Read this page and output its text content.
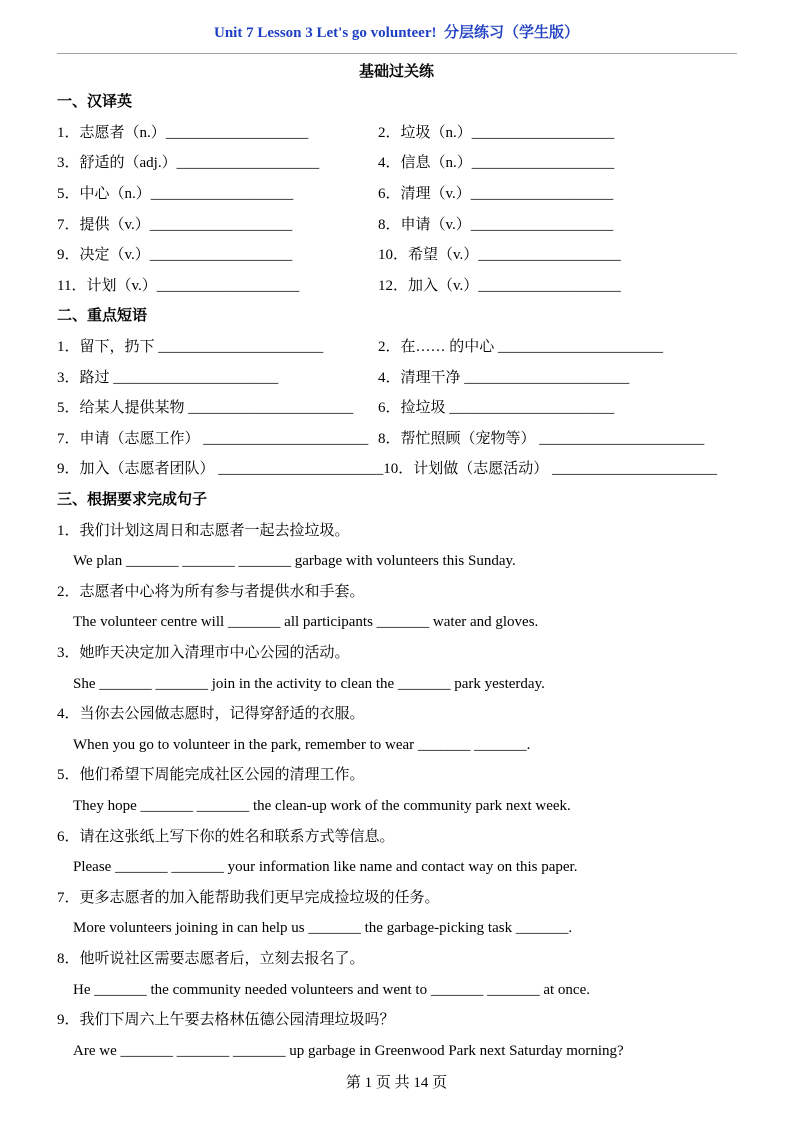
Unit 7 Lesson 3 Let's go volunteer!  分层练习（学生版）
基础过关练
一、汉译英
1．志愿者（n.）___________________	2．垃圾（n.）___________________
3．舒适的（adj.）___________________	4．信息（n.）___________________
5．中心（n.）___________________	6．清理（v.）___________________
7．提供（v.）___________________	8．申请（v.）___________________
9．决定（v.）___________________	10．希望（v.）___________________
11．计划（v.）___________________	12．加入（v.）___________________
二、重点短语
1．留下，扔下 ______________________	2．在…… 的中心 ______________________
3．路过 ______________________	4．清理干净 ______________________
5．给某人提供某物 ______________________	6．捡垃圾 ______________________
7．申请（志愿工作） ______________________ 8．帮忙照顾（宠物等） ______________________
9．加入（志愿者团队） ______________________ 10．计划做（志愿活动） ______________________
三、根据要求完成句子
1．我们计划这周日和志愿者一起去捡垃圾。
We plan _______ _______ _______ garbage with volunteers this Sunday.
2．志愿者中心将为所有参与者提供水和手套。
The volunteer centre will _______ all participants _______ water and gloves.
3．她昨天决定加入清理市中心公园的活动。
She _______ _______ join in the activity to clean the _______ park yesterday.
4．当你去公园做志愿时，记得穿舒适的衣服。
When you go to volunteer in the park, remember to wear _______ _______.
5．他们希望下周能完成社区公园的清理工作。
They hope _______ _______ the clean-up work of the community park next week.
6．请在这张纸上写下你的姓名和联系方式等信息。
Please _______ _______ your information like name and contact way on this paper.
7．更多志愿者的加入能帮助我们更早完成捡垃圾的任务。
More volunteers joining in can help us _______ the garbage-picking task _______.
8．他听说社区需要志愿者后，立刻去报名了。
He _______ the community needed volunteers and went to _______ _______ at once.
9．我们下周六上午要去格林伍德公园清理垃圾吗？
Are we _______ _______ _______ up garbage in Greenwood Park next Saturday morning?
第 1 页 共 14 页
